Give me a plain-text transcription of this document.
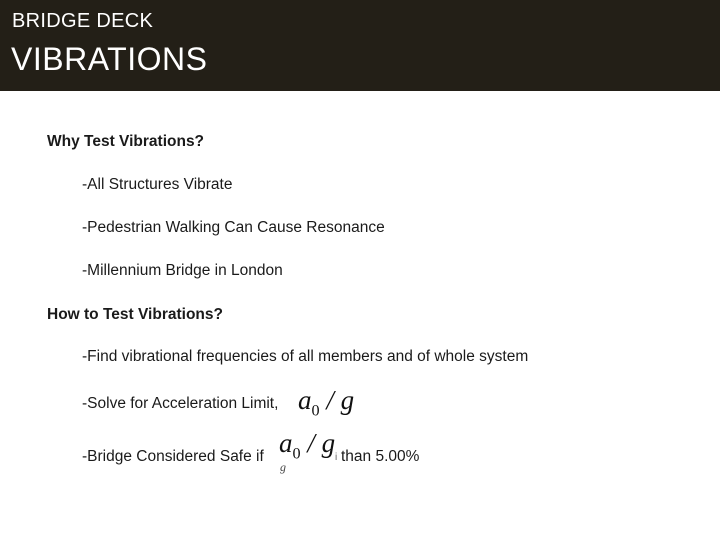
BRIDGE DECK
VIBRATIONS
Why Test Vibrations?
-All Structures Vibrate
-Pedestrian Walking Can Cause Resonance
-Millennium Bridge in London
How to Test Vibrations?
-Find vibrational frequencies of all members and of whole system
-Solve for Acceleration Limit,
-Bridge Considered Safe if
$a_0$ / g
$a_0$ / g
g
i than 5.00%
